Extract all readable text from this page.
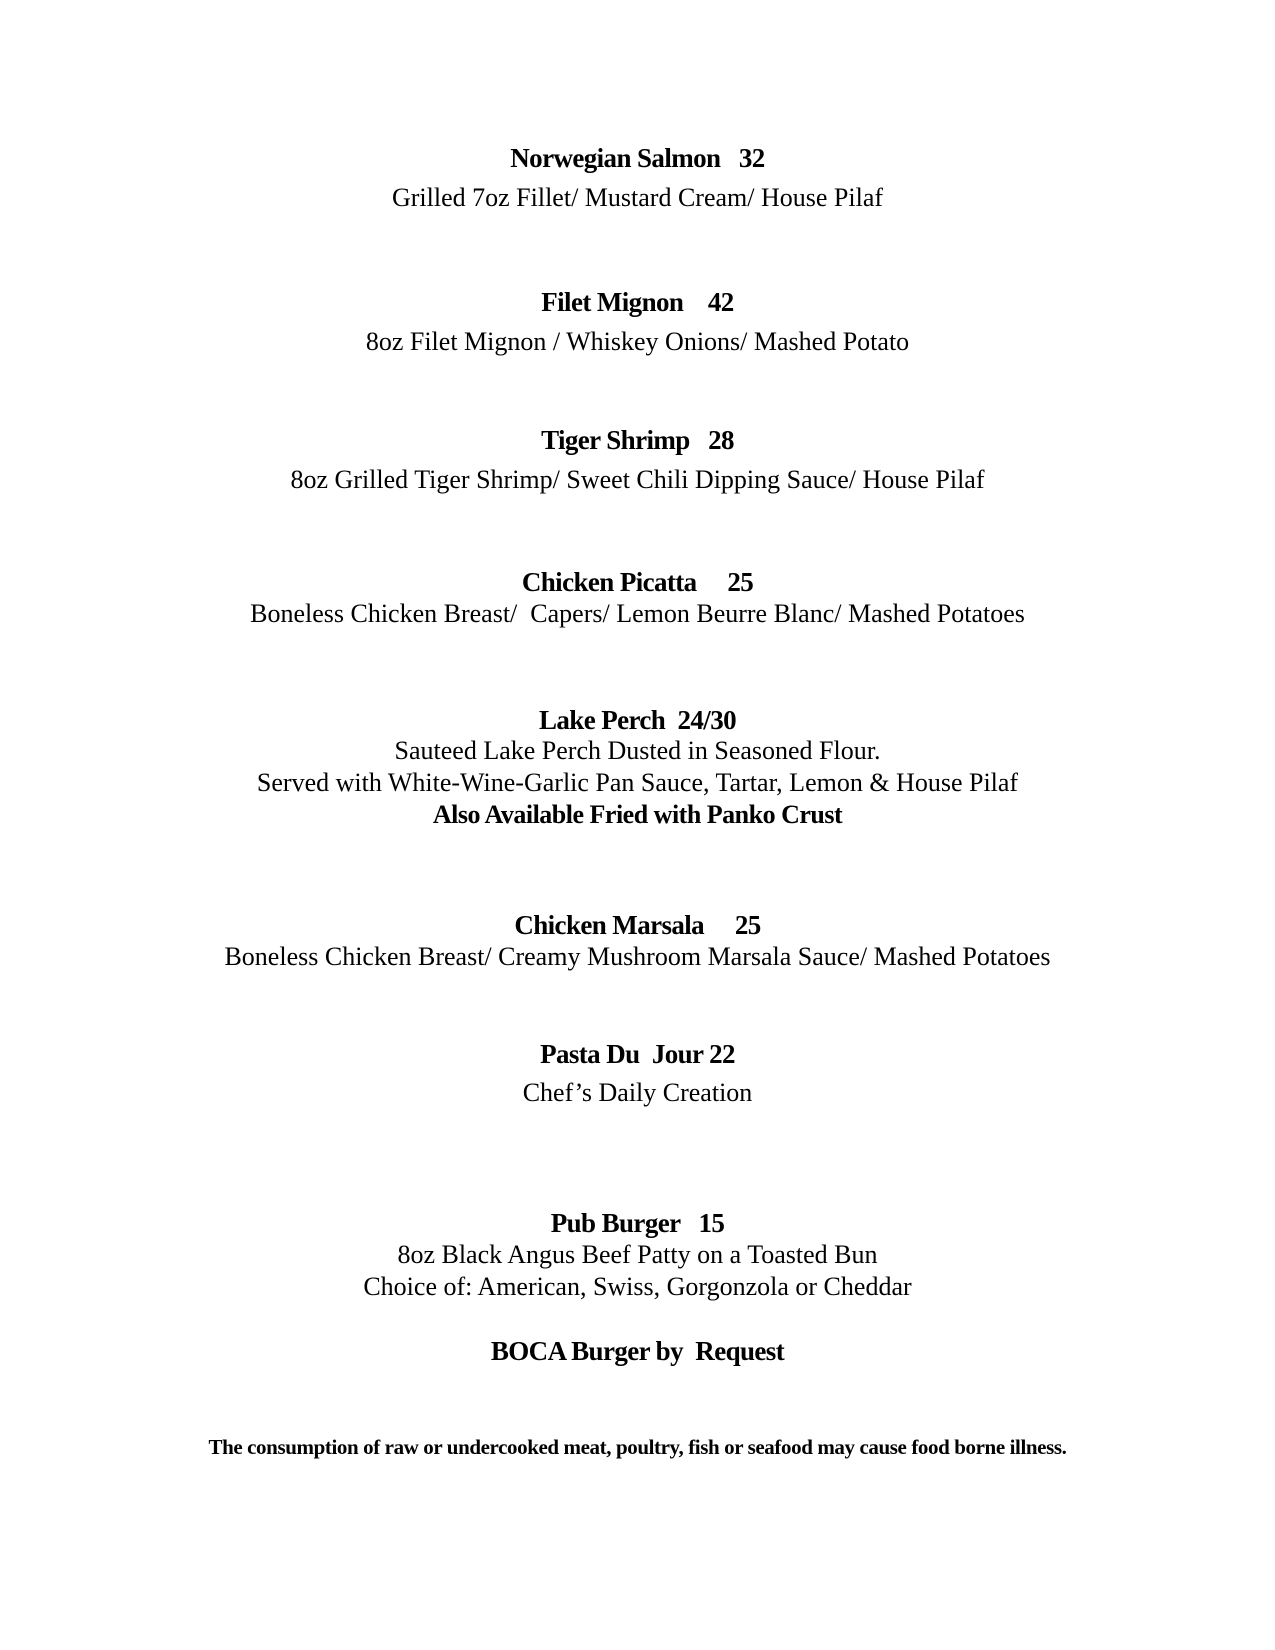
Norwegian Salmon   32
Grilled 7oz Fillet/ Mustard Cream/ House Pilaf
Filet Mignon    42
8oz Filet Mignon / Whiskey Onions/ Mashed Potato
Tiger Shrimp   28
8oz Grilled Tiger Shrimp/ Sweet Chili Dipping Sauce/ House Pilaf
Chicken Picatta     25
Boneless Chicken Breast/  Capers/ Lemon Beurre Blanc/ Mashed Potatoes
Lake Perch  24/30
Sauteed Lake Perch Dusted in Seasoned Flour.
Served with White-Wine-Garlic Pan Sauce, Tartar, Lemon & House Pilaf
Also Available Fried with Panko Crust
Chicken Marsala     25
Boneless Chicken Breast/ Creamy Mushroom Marsala Sauce/ Mashed Potatoes
Pasta Du  Jour 22
Chef’s Daily Creation
Pub Burger   15
8oz Black Angus Beef Patty on a Toasted Bun
Choice of: American, Swiss, Gorgonzola or Cheddar
BOCA Burger by  Request
The consumption of raw or undercooked meat, poultry, fish or seafood may cause food borne illness.
